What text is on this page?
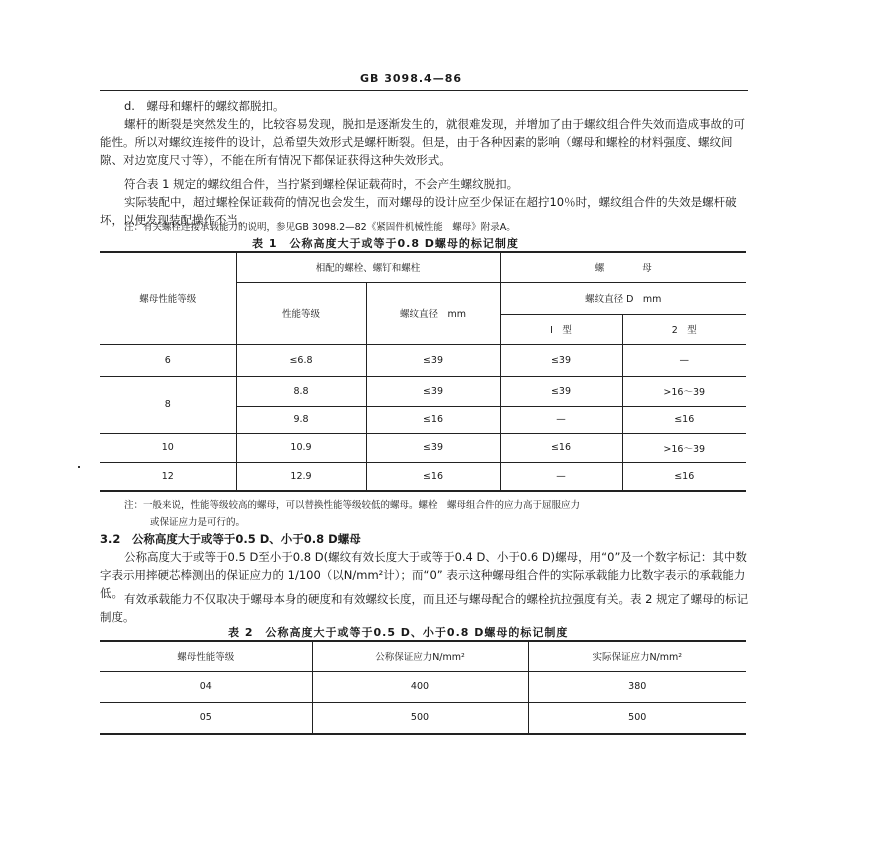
GB 3098.4—86

d.　螺母和螺杆的螺纹都脱扣。

螺杆的断裂是突然发生的，比较容易发现，脱扣是逐渐发生的，就很难发现，并增加了由于螺纹组合件失效而造成事故的可能性。所以对螺纹连接件的设计，总希望失效形式是螺杆断裂。但是，由于各种因素的影响（螺母和螺栓的材料强度、螺纹间隙、对边宽度尺寸等），不能在所有情况下都保证获得这种失效形式。

符合表 1 规定的螺纹组合件，当拧紧到螺栓保证载荷时，不会产生螺纹脱扣。

实际装配中，超过螺栓保证载荷的情况也会发生，而对螺母的设计应至少保证在超拧10％时，螺纹组合件的失效是螺杆破坏，以便发现装配操作不当。

注：有关螺栓连接承载能力的说明，参见GB 3098.2—82《紧固件机械性能　螺母》附录A。

表 1　公称高度大于或等于0.8 D螺母的标记制度
螺母性能等级	相配的螺栓、螺钉和螺柱		螺　　　　母	
	性能等级	螺纹直径　mm	螺纹直径 D　mm	
			Ⅰ　型	2　型
6	≤6.8	≤39	≤39	—
8	8.8	≤39	≤39	>16～39
	9.8	≤16	—	≤16
10	10.9	≤39	≤16	>16～39
12	12.9	≤16	—	≤16

注：一般来说，性能等级较高的螺母，可以替换性能等级较低的螺母。螺栓　螺母组合件的应力高于屈服应力

或保证应力是可行的。

3.2　公称高度大于或等于0.5 D、小于0.8 D螺母

公称高度大于或等于0.5 D至小于0.8 D(螺纹有效长度大于或等于0.4 D、小于0.6 D)螺母，用“0”及一个数字标记：其中数字表示用摔硬芯棒测出的保证应力的 1/100（以N/mm²计）；而“0” 表示这种螺母组合件的实际承载能力比数字表示的承载能力低。 有效承载能力不仅取决于螺母本身的硬度和有效螺纹长度，而且还与螺母配合的螺栓抗拉强度有关。表 2 规定了螺母的标记制度。

表 2　公称高度大于或等于0.5 D、小于0.8 D螺母的标记制度
螺母性能等级	公称保证应力N/mm²	实际保证应力N/mm²
04	400	380
05	500	500
